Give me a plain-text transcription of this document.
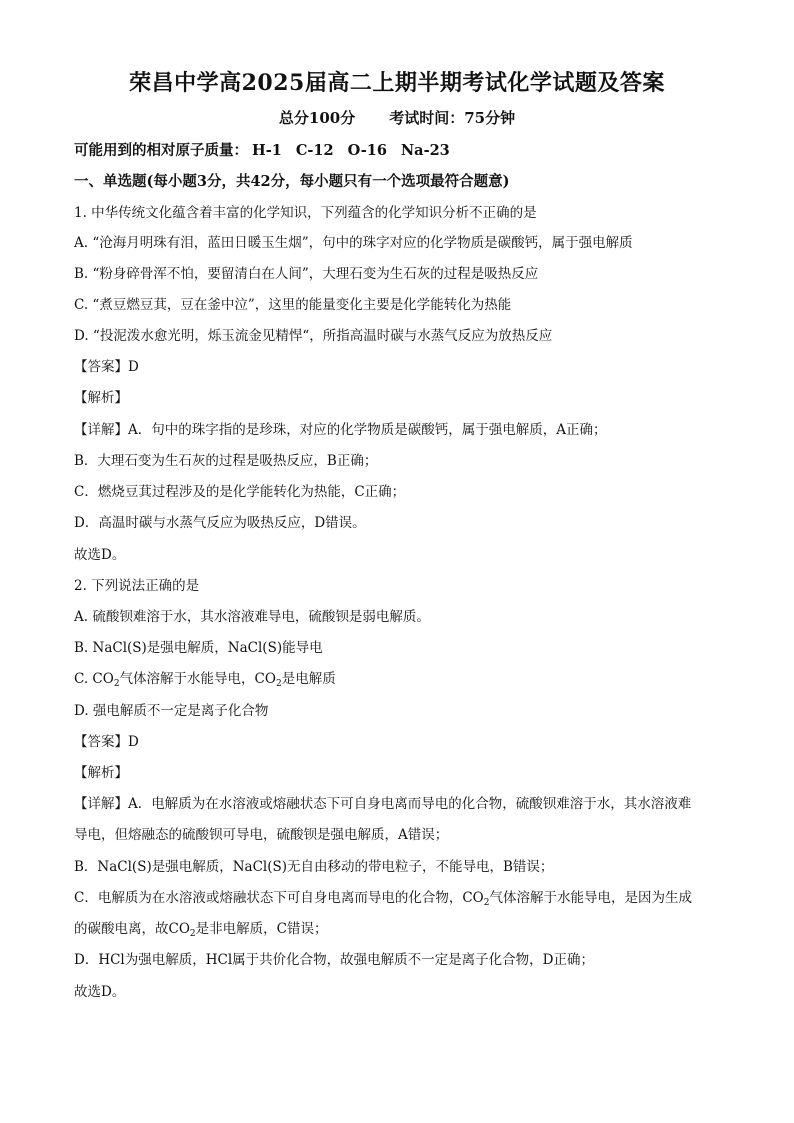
荣昌中学高2025届高二上期半期考试化学试题及答案
总分100分 考试时间：75分钟
可能用到的相对原子质量： H-1 C-12 O-16 Na-23
一、单选题(每小题3分，共42分，每小题只有一个选项最符合题意)
1. 中华传统文化蕴含着丰富的化学知识，下列蕴含的化学知识分析不正确的是
A. “沧海月明珠有泪，蓝田日暖玉生烟”，句中的珠字对应的化学物质是碳酸钙，属于强电解质
B. “粉身碎骨浑不怕，要留清白在人间”，大理石变为生石灰的过程是吸热反应
C. “煮豆燃豆萁，豆在釜中泣”，这里的能量变化主要是化学能转化为热能
D. “投泥泼水愈光明，烁玉流金见精悍“，所指高温时碳与水蒸气反应为放热反应
【答案】D
【解析】
【详解】A．句中的珠字指的是珍珠，对应的化学物质是碳酸钙，属于强电解质，A正确；
B．大理石变为生石灰的过程是吸热反应，B正确；
C．燃烧豆萁过程涉及的是化学能转化为热能，C正确；
D．高温时碳与水蒸气反应为吸热反应，D错误。
故选D。
2. 下列说法正确的是
A. 硫酸钡难溶于水，其水溶液难导电，硫酸钡是弱电解质。
B. NaCl(S)是强电解质，NaCl(S)能导电
C. $CO_2$气体溶解于水能导电，$CO_2$是电解质
D. 强电解质不一定是离子化合物
【答案】D
【解析】
【详解】A．电解质为在水溶液或熔融状态下可自身电离而导电的化合物，硫酸钡难溶于水，其水溶液难
导电，但熔融态的硫酸钡可导电，硫酸钡是强电解质，A错误；
B．NaCl(S)是强电解质，NaCl(S)无自由移动的带电粒子，不能导电，B错误；
C．电解质为在水溶液或熔融状态下可自身电离而导电的化合物，$CO_2$气体溶解于水能导电，是因为生成
的碳酸电离，故$CO_2$是非电解质，C错误；
D．HCl为强电解质，HCl属于共价化合物，故强电解质不一定是离子化合物，D正确；
故选D。
